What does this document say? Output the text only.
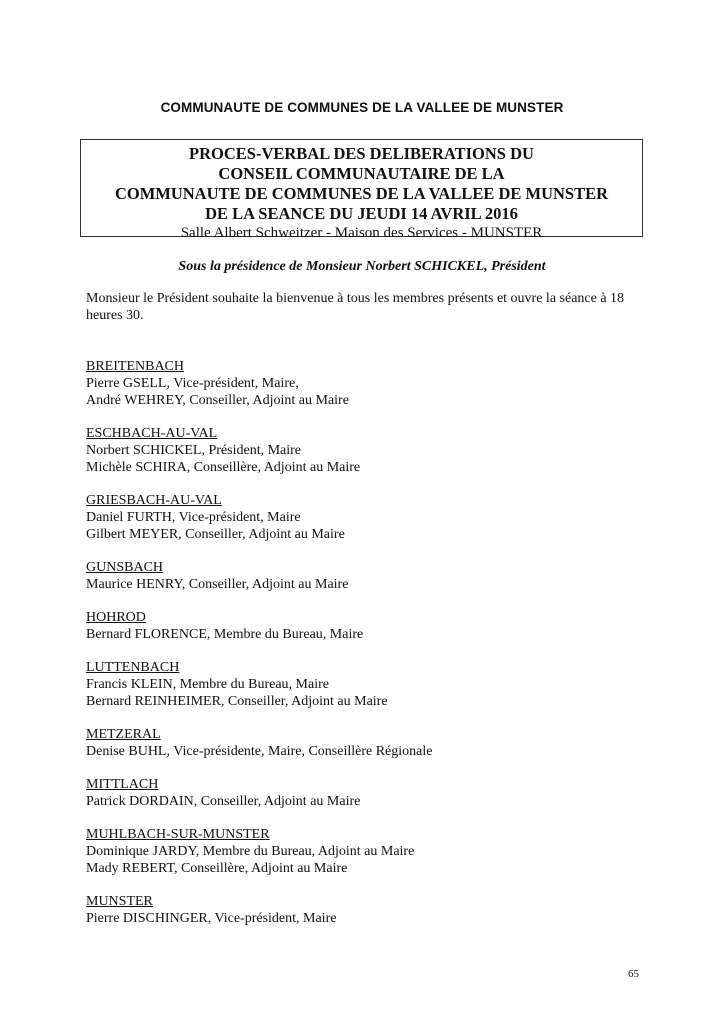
COMMUNAUTE DE COMMUNES DE LA VALLEE DE MUNSTER
PROCES-VERBAL DES DELIBERATIONS DU
CONSEIL COMMUNAUTAIRE DE LA
COMMUNAUTE DE COMMUNES DE LA VALLEE DE MUNSTER
DE LA SEANCE DU JEUDI 14 AVRIL 2016
Salle Albert Schweitzer - Maison des Services - MUNSTER
Sous la présidence de Monsieur Norbert SCHICKEL, Président
Monsieur le Président souhaite la bienvenue à tous les membres présents et ouvre la séance à 18 heures 30.
BREITENBACH
Pierre GSELL, Vice-président, Maire,
André WEHREY, Conseiller, Adjoint au Maire
ESCHBACH-AU-VAL
Norbert SCHICKEL, Président, Maire
Michèle SCHIRA, Conseillère, Adjoint au Maire
GRIESBACH-AU-VAL
Daniel FURTH, Vice-président, Maire
Gilbert MEYER, Conseiller, Adjoint au Maire
GUNSBACH
Maurice HENRY, Conseiller, Adjoint au Maire
HOHROD
Bernard FLORENCE, Membre du Bureau, Maire
LUTTENBACH
Francis KLEIN, Membre du Bureau, Maire
Bernard REINHEIMER, Conseiller, Adjoint au Maire
METZERAL
Denise BUHL, Vice-présidente, Maire, Conseillère Régionale
MITTLACH
Patrick DORDAIN, Conseiller, Adjoint au Maire
MUHLBACH-SUR-MUNSTER
Dominique JARDY, Membre du Bureau, Adjoint au Maire
Mady REBERT, Conseillère, Adjoint au Maire
MUNSTER
Pierre DISCHINGER, Vice-président, Maire
65
